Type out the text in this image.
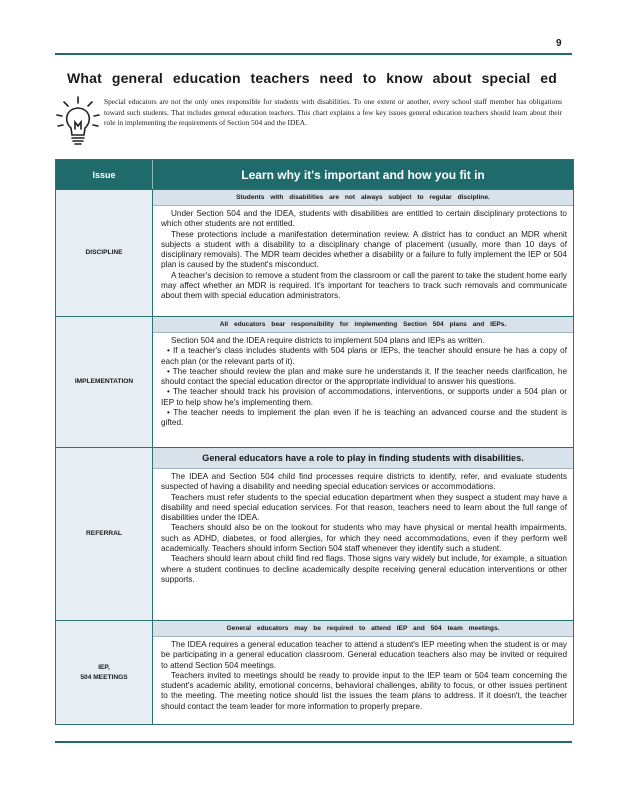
9
What general education teachers need to know about special ed
Special educators are not the only ones responsible for students with disabilities. To one extent or another, every school staff member has obligations toward such students. That includes general education teachers. This chart explains a few key issues general education teachers should learn about their role in implementing the requirements of Section 504 and the IDEA.
Issue	Learn why it's important and how you fit in
DISCIPLINE
Students with disabilities are not always subject to regular discipline.

Under Section 504 and the IDEA, students with disabilities are entitled to certain disciplinary protections to which other students are not entitled.

These protections include a manifestation determination review. A district has to conduct an MDR whenit subjects a student with a disability to a disciplinary change of placement (usually, more than 10 days of disciplinary removals). The MDR team decides whether a disability or a failure to fully implement the IEP or 504 plan is caused by the student's misconduct.

A teacher's decision to remove a student from the classroom or call the parent to take the student home early may affect whether an MDR is required. It's important for teachers to track such removals and communicate about them with special education administrators.

IMPLEMENTATION
All educators bear responsibility for implementing Section 504 plans and IEPs.

Section 504 and the IDEA require districts to implement 504 plans and IEPs as written.

• If a teacher's class includes students with 504 plans or IEPs, the teacher should ensure he has a copy of each plan (or the relevant parts of it).

• The teacher should review the plan and make sure he understands it. If the teacher needs clarification, he should contact the special education director or the appropriate individual to answer his questions.

• The teacher should track his provision of accommodations, interventions, or supports under a 504 plan or IEP to help show he's implementing them.

• The teacher needs to implement the plan even if he is teaching an advanced course and the student is gifted.

REFERRAL
General educators have a role to play in finding students with disabilities.

The IDEA and Section 504 child find processes require districts to identify, refer, and evaluate students suspected of having a disability and needing special education services or accommodations.

Teachers must refer students to the special education department when they suspect a student may have a disability and need special education services. For that reason, teachers need to learn about the full range of disabilities under the IDEA.

Teachers should also be on the lookout for students who may have physical or mental health impairments, such as ADHD, diabetes, or food allergies, for which they need accommodations, even if they perform well academically. Teachers should inform Section 504 staff whenever they identify such a student.

Teachers should learn about child find red flags. Those signs vary widely but include, for example, a situation where a student continues to decline academically despite receiving general education interventions or other supports.

IEP,
504 MEETINGS
General educators may be required to attend IEP and 504 team meetings.

The IDEA requires a general education teacher to attend a student's IEP meeting when the student is or may be participating in a general education classroom. General education teachers also may be invited or required to attend Section 504 meetings.

Teachers invited to meetings should be ready to provide input to the IEP team or 504 team concerning the student's academic ability, emotional concerns, behavioral challenges, ability to focus, or other issues pertinent to the meeting. The meeting notice should list the issues the team plans to address. If it doesn't, the teacher should contact the team leader for more information to properly prepare.
